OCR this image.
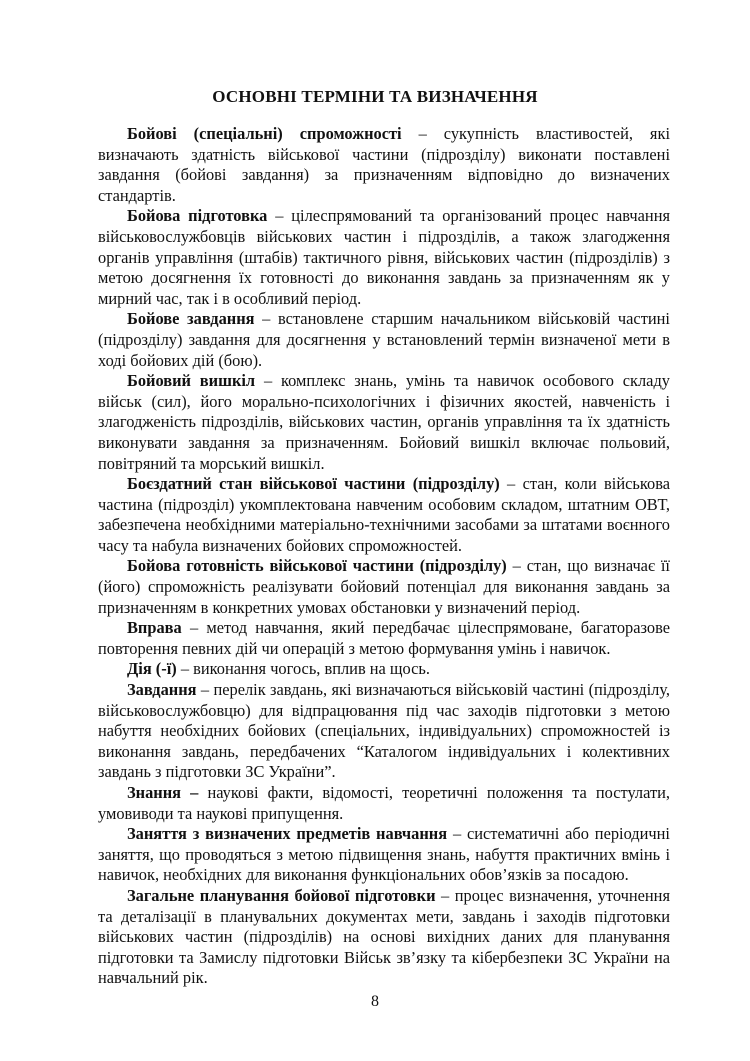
ОСНОВНІ ТЕРМІНИ ТА ВИЗНАЧЕННЯ

Бойові (спеціальні) спроможності – сукупність властивостей, які визначають здатність військової частини (підрозділу) виконати поставлені завдання (бойові завдання) за призначенням відповідно до визначених стандартів.

Бойова підготовка – цілеспрямований та організований процес навчання військовослужбовців військових частин і підрозділів, а також злагодження органів управління (штабів) тактичного рівня, військових частин (підрозділів) з метою досягнення їх готовності до виконання завдань за призначенням як у мирний час, так і в особливий період.

Бойове завдання – встановлене старшим начальником військовій частині (підрозділу) завдання для досягнення у встановлений термін визначеної мети в ході бойових дій (бою).

Бойовий вишкіл – комплекс знань, умінь та навичок особового складу військ (сил), його морально-психологічних і фізичних якостей, навченість і злагодженість підрозділів, військових частин, органів управління та їх здатність виконувати завдання за призначенням. Бойовий вишкіл включає польовий, повітряний та морський вишкіл.

Боєздатний стан військової частини (підрозділу) – стан, коли військова частина (підрозділ) укомплектована навченим особовим складом, штатним ОВТ, забезпечена необхідними матеріально-технічними засобами за штатами воєнного часу та набула визначених бойових спроможностей.

Бойова готовність військової частини (підрозділу) – стан, що визначає її (його) спроможність реалізувати бойовий потенціал для виконання завдань за призначенням в конкретних умовах обстановки у визначений період.

Вправа – метод навчання, який передбачає цілеспрямоване, багаторазове повторення певних дій чи операцій з метою формування умінь і навичок.

Дія (-ї) – виконання чогось, вплив на щось.

Завдання – перелік завдань, які визначаються військовій частині (підрозділу, військовослужбовцю) для відпрацювання під час заходів підготовки з метою набуття необхідних бойових (спеціальних, індивідуальних) спроможностей із виконання завдань, передбачених “Каталогом індивідуальних і колективних завдань з підготовки ЗС України”.

Знання – наукові факти, відомості, теоретичні положення та постулати, умовиводи та наукові припущення.

Заняття з визначених предметів навчання – систематичні або періодичні заняття, що проводяться з метою підвищення знань, набуття практичних вмінь і навичок, необхідних для виконання функціональних обов’язків за посадою.

Загальне планування бойової підготовки – процес визначення, уточнення та деталізації в планувальних документах мети, завдань і заходів підготовки військових частин (підрозділів) на основі вихідних даних для планування підготовки та Замислу підготовки Військ зв’язку та кібербезпеки ЗС України на навчальний рік.

8
